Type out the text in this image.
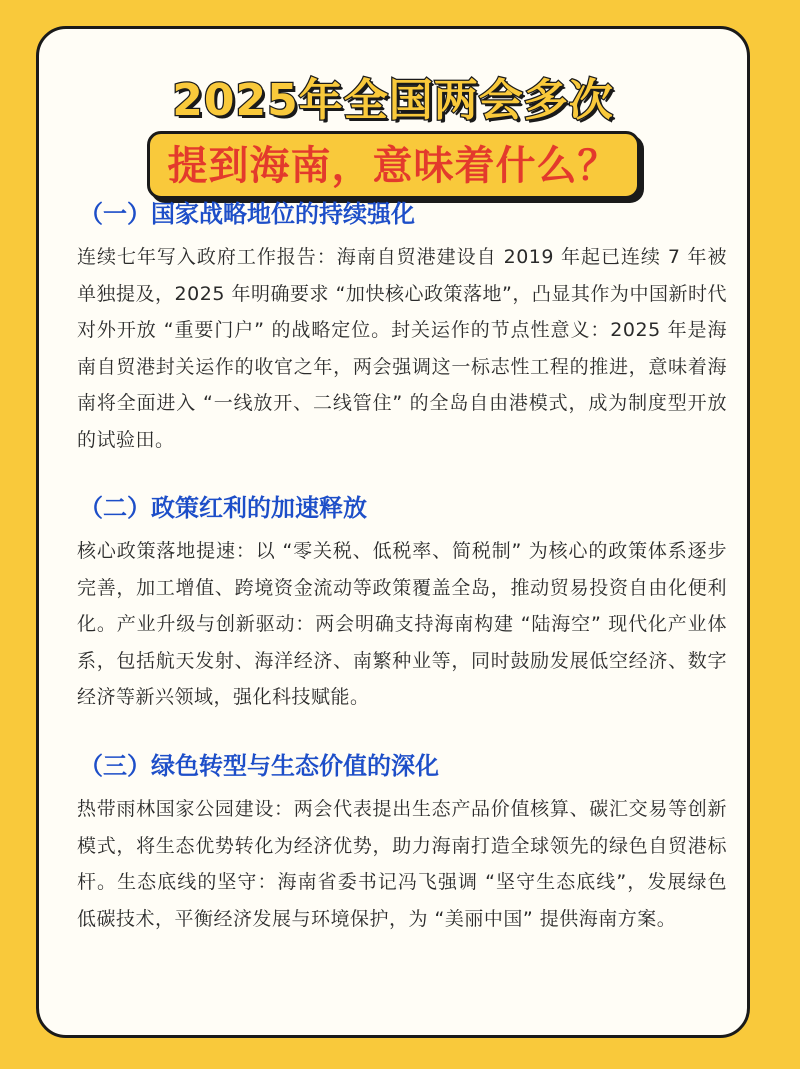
2025年全国两会多次
提到海南，意味着什么？
（一）国家战略地位的持续强化
连续七年写入政府工作报告：海南自贸港建设自 2019 年起已连续 7 年被单独提及，2025 年明确要求 “加快核心政策落地”，凸显其作为中国新时代对外开放 “重要门户” 的战略定位。封关运作的节点性意义：2025 年是海南自贸港封关运作的收官之年，两会强调这一标志性工程的推进，意味着海南将全面进入 “一线放开、二线管住” 的全岛自由港模式，成为制度型开放的试验田。
（二）政策红利的加速释放
核心政策落地提速：以 “零关税、低税率、简税制” 为核心的政策体系逐步完善，加工增值、跨境资金流动等政策覆盖全岛，推动贸易投资自由化便利化。产业升级与创新驱动：两会明确支持海南构建 “陆海空” 现代化产业体系，包括航天发射、海洋经济、南繁种业等，同时鼓励发展低空经济、数字经济等新兴领域，强化科技赋能。
（三）绿色转型与生态价值的深化
热带雨林国家公园建设：两会代表提出生态产品价值核算、碳汇交易等创新模式，将生态优势转化为经济优势，助力海南打造全球领先的绿色自贸港标杆。生态底线的坚守：海南省委书记冯飞强调 “坚守生态底线”，发展绿色低碳技术，平衡经济发展与环境保护，为 “美丽中国” 提供海南方案。
